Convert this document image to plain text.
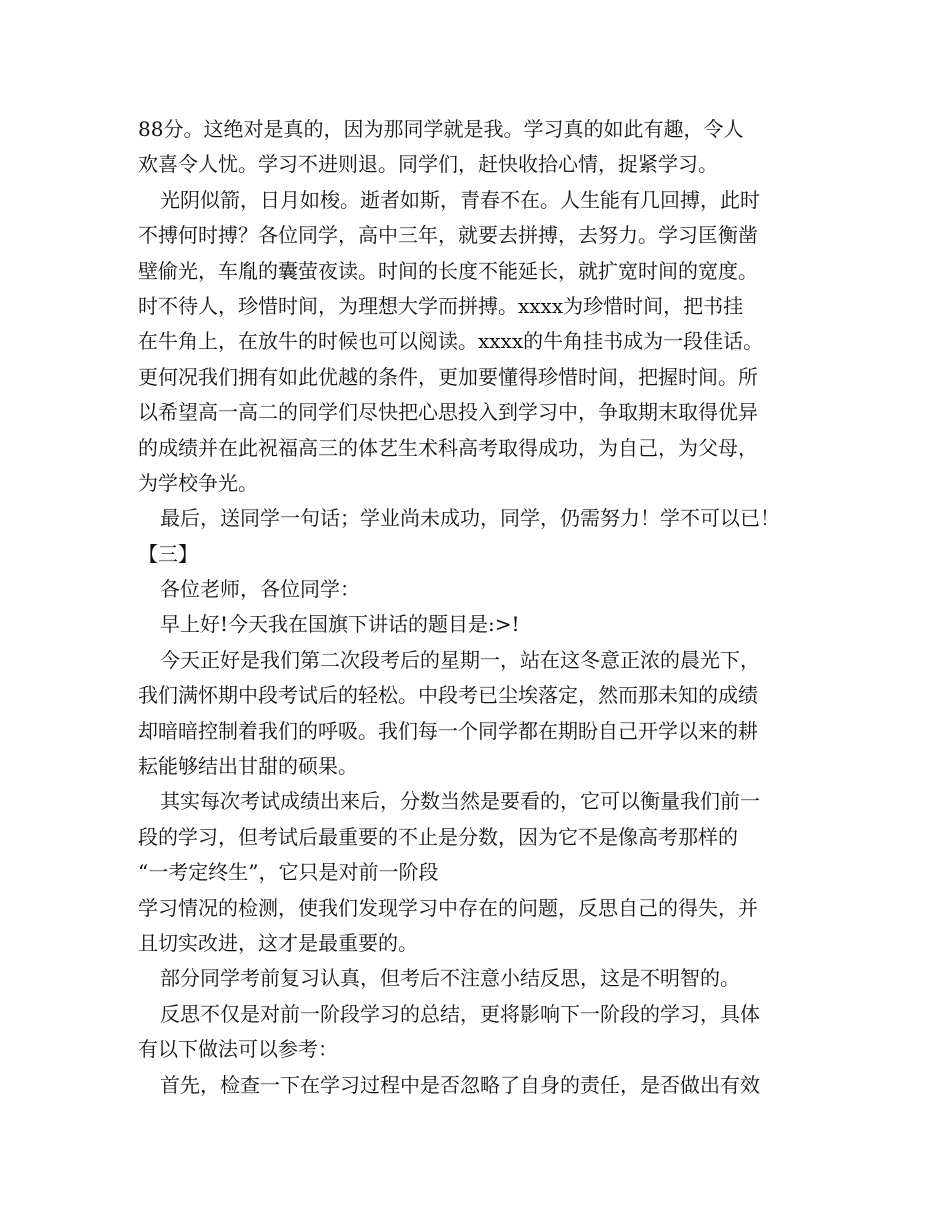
88分。这绝对是真的，因为那同学就是我。学习真的如此有趣，令人
欢喜令人忧。学习不进则退。同学们，赶快收拾心情，捉紧学习。
光阴似箭，日月如梭。逝者如斯，青春不在。人生能有几回搏，此时
不搏何时搏？各位同学，高中三年，就要去拼搏，去努力。学习匡衡凿
壁偷光，车胤的囊萤夜读。时间的长度不能延长，就扩宽时间的宽度。
时不待人，珍惜时间，为理想大学而拼搏。xxxx为珍惜时间，把书挂
在牛角上，在放牛的时候也可以阅读。xxxx的牛角挂书成为一段佳话。
更何况我们拥有如此优越的条件，更加要懂得珍惜时间，把握时间。所
以希望高一高二的同学们尽快把心思投入到学习中，争取期末取得优异
的成绩并在此祝福高三的体艺生术科高考取得成功，为自己，为父母，
为学校争光。
最后，送同学一句话；学业尚未成功，同学，仍需努力！学不可以已！
【三】
各位老师，各位同学：
早上好!今天我在国旗下讲话的题目是:>!
今天正好是我们第二次段考后的星期一，站在这冬意正浓的晨光下，
我们满怀期中段考试后的轻松。中段考已尘埃落定，然而那未知的成绩
却暗暗控制着我们的呼吸。我们每一个同学都在期盼自己开学以来的耕
耘能够结出甘甜的硕果。
其实每次考试成绩出来后，分数当然是要看的，它可以衡量我们前一
段的学习，但考试后最重要的不止是分数，因为它不是像高考那样的
“一考定终生”，它只是对前一阶段
学习情况的检测，使我们发现学习中存在的问题，反思自己的得失，并
且切实改进，这才是最重要的。
部分同学考前复习认真，但考后不注意小结反思，这是不明智的。
反思不仅是对前一阶段学习的总结，更将影响下一阶段的学习，具体
有以下做法可以参考：
首先，检查一下在学习过程中是否忽略了自身的责任，是否做出有效
